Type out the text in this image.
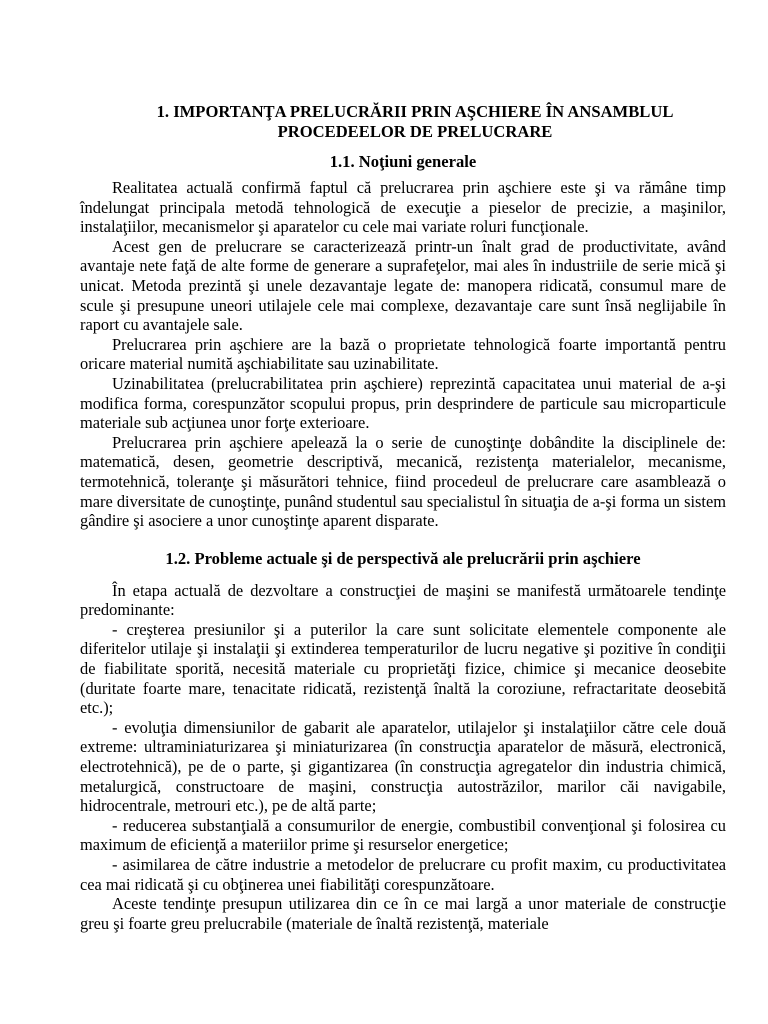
1. IMPORTANŢA PRELUCRĂRII PRIN AŞCHIERE ÎN ANSAMBLUL
PROCEDEELOR DE PRELUCRARE
1.1. Noţiuni generale

Realitatea actuală confirmă faptul că prelucrarea prin aşchiere este şi va rămâne timp îndelungat principala metodă tehnologică de execuţie a pieselor de precizie, a maşinilor, instalaţiilor, mecanismelor şi aparatelor cu cele mai variate roluri funcţionale.

Acest gen de prelucrare se caracterizează printr-un înalt grad de productivitate, având avantaje nete faţă de alte forme de generare a suprafeţelor, mai ales în industriile de serie mică şi unicat. Metoda prezintă şi unele dezavantaje legate de: manopera ridicată, consumul mare de scule şi presupune uneori utilajele cele mai complexe, dezavantaje care sunt însă neglijabile în raport cu avantajele sale.

Prelucrarea prin aşchiere are la bază o proprietate tehnologică foarte importantă pentru oricare material numită aşchiabilitate sau uzinabilitate.

Uzinabilitatea (prelucrabilitatea prin aşchiere) reprezintă capacitatea unui material de a-şi modifica forma, corespunzător scopului propus, prin desprindere de particule sau microparticule materiale sub acţiunea unor forţe exterioare.

Prelucrarea prin aşchiere apelează la o serie de cunoştinţe dobândite la disciplinele de: matematică, desen, geometrie descriptivă, mecanică, rezistenţa materialelor, mecanisme, termotehnică, toleranţe şi măsurători tehnice, fiind procedeul de prelucrare care asamblează o mare diversitate de cunoştinţe, punând studentul sau specialistul în situaţia de a-şi forma un sistem gândire şi asociere a unor cunoştinţe aparent disparate.

1.2. Probleme actuale şi de perspectivă ale prelucrării prin aşchiere

În etapa actuală de dezvoltare a construcţiei de maşini se manifestă următoarele tendinţe predominante:

- creşterea presiunilor şi a puterilor la care sunt solicitate elementele componente ale diferitelor utilaje şi instalaţii şi extinderea temperaturilor de lucru negative şi pozitive în condiţii de fiabilitate sporită, necesită materiale cu proprietăţi fizice, chimice şi mecanice deosebite (duritate foarte mare, tenacitate ridicată, rezistenţă înaltă la coroziune, refractaritate deosebită etc.);

- evoluţia dimensiunilor de gabarit ale aparatelor, utilajelor şi instalaţiilor către cele două extreme: ultraminiaturizarea şi miniaturizarea (în construcţia aparatelor de măsură, electronică, electrotehnică), pe de o parte, şi gigantizarea (în construcţia agregatelor din industria chimică, metalurgică, constructoare de maşini, construcţia autostrăzilor, marilor căi navigabile, hidrocentrale, metrouri etc.), pe de altă parte;

- reducerea substanţială a consumurilor de energie, combustibil convenţional şi folosirea cu maximum de eficienţă a materiilor prime şi resurselor energetice;

- asimilarea de către industrie a metodelor de prelucrare cu profit maxim, cu productivitatea cea mai ridicată şi cu obţinerea unei fiabilităţi corespunzătoare.

Aceste tendinţe presupun utilizarea din ce în ce mai largă a unor materiale de construcţie greu şi foarte greu prelucrabile (materiale de înaltă rezistenţă, materiale
